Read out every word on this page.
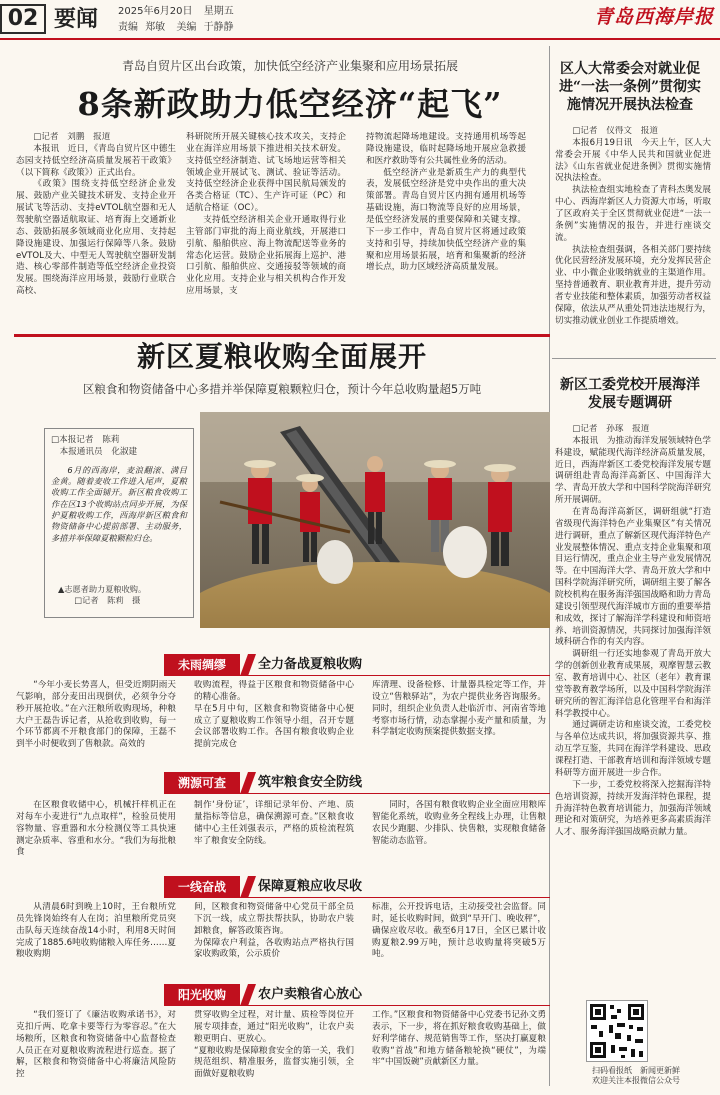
02 要闻 2025年6月20日 星期五
责编 郑敏 美编 于静静	青岛西海岸报
青岛自贸片区出台政策，加快低空经济产业集聚和应用场景拓展
8条新政助力低空经济“起飞”
□记者 刘鹏 报道

本报讯　近日，《青岛自贸片区中德生态园支持低空经济高质量发展若干政策》（以下简称《政策》）正式出台。

《政策》围绕支持低空经济企业发展、鼓励产业关键技术研发、支持企业开展试飞等活动、支持eVTOL航空器和无人驾驶航空器适航取证、培育海上交通新业态、鼓励拓展多领域商业化应用、支持起降设施建设、加强运行保障等八条。鼓励eVTOL及大、中型无人驾驶航空器研发制造、核心零部件制造等低空经济企业投资发展。围绕海洋应用场景，鼓励行业联合高校、

科研院所开展关键核心技术攻关，支持企业在海洋应用场景下推进相关技术研发。支持低空经济制造、试飞场地运营等相关领域企业开展试飞、测试、验证等活动。支持低空经济企业获得中国民航局颁发的各类合格证（TC）、生产许可证（PC）和适航合格证（OC）。

支持低空经济相关企业开通取得行业主管部门审批的海上商业航线，开展港口引航、船舶供应、海上物流配送等业务的常态化运营。鼓励企业拓展海上巡护、港口引航、船舶供应、交通接驳等领域的商业化应用。支持企业与相关机构合作开发应用场景，支

持物流起降场地建设。支持通用机场等起降设施建设，临时起降场地开展应急救援和医疗救助等有公共属性业务的活动。

低空经济产业是新质生产力的典型代表，发展低空经济是党中央作出的重大决策部署。青岛自贸片区内拥有通用机场等基础设施，海口物流等良好的应用场景，是低空经济发展的重要保障和关键支撑。下一步工作中，青岛自贸片区将通过政策支持和引导，持续加快低空经济产业的集聚和应用场景拓展，培育和集聚新的经济增长点，助力区域经济高质量发展。

区人大常委会对就业促进“一法一条例”贯彻实施情况开展执法检查
□记者 仪得文 报道

本报6月19日讯　今天上午，区人大常委会开展《中华人民共和国就业促进法》《山东省就业促进条例》贯彻实施情况执法检查。

执法检查组实地检查了青科杰奥发展中心、西海岸新区人力资源大市场，听取了区政府关于全区贯彻就业促进“一法一条例”实施情况的报告，并进行座谈交流。

执法检查组强调，各相关部门要持续优化民营经济发展环境，充分发挥民营企业、中小微企业吸纳就业的主渠道作用。坚持普通教育、职业教育并进，提升劳动者专业技能和整体素质，加强劳动者权益保障，依法从严从重处罚违法违规行为，切实推动就业创业工作提质增效。

新区工委党校开展海洋发展专题调研
□记者 孙琢 报道

本报讯　为推动海洋发展领域特色学科建设，赋能现代海洋经济高质量发展，近日，西海岸新区工委党校海洋发展专题调研组赴青岛海洋高新区、中国海洋大学、青岛开放大学和中国科学院海洋研究所开展调研。

在青岛海洋高新区，调研组就“打造省级现代海洋特色产业集聚区”有关情况进行调研，重点了解新区现代海洋特色产业发展整体情况、重点支持企业集聚和项目运行情况，重点企业主导产业发展情况等。在中国海洋大学、青岛开放大学和中国科学院海洋研究所，调研组主要了解各院校机构在服务海洋强国战略和助力青岛建设引领型现代海洋城市方面的重要举措和成效，探讨了解海洋学科建设和师资培养、培训资源情况，共同探讨加强海洋领域科研合作的有关内容。

调研组一行还实地参观了青岛开放大学的创新创业教育成果展，观摩智慧云教室、教育培训中心、社区（老年）教育课堂等教育教学场所，以及中国科学院海洋研究所的智汇海洋信息化管理平台和海洋科学教授中心。

通过调研走访和座谈交流，工委党校与各单位达成共识，将加强资源共享、推动互学互鉴，共同在海洋学科建设、思政课程打造、干部教育培训和海洋领域专题科研等方面开展进一步合作。

下一步，工委党校将深入挖掘海洋特色培训资源，持续开发海洋特色课程，提升海洋特色教育培训能力，加强海洋领域理论和对策研究，为培养更多高素质海洋人才、服务海洋强国战略贡献力量。

扫码看报纸　新闻更新鲜
欢迎关注本报微信公众号
新区夏粮收购全面展开
区粮食和物资储备中心多措并举保障夏粮颗粒归仓，预计今年总收购量超5万吨
□本报记者 陈莉
本报通讯员 化淑建

6月的西海岸，麦浪翻滚、满目金黄。随着麦收工作进入尾声，夏粮收购工作全面铺开。新区粮食收购工作在区13个收购站点同步开展，为保护夏粮收购工作，西海岸新区粮食和物资储备中心提前部署、主动服务，多措并举保障夏粮颗粒归仓。

▲志愿者助力夏粮收购。
□记者 陈莉 摄
未雨绸缪	全力备战夏粮收购

“今年小麦长势喜人，但受近期阴雨天气影响，部分麦田出现倒伏，必须争分夺秒开展抢收。”在六汪粮所收购现场，种粮大户王磊告诉记者，从抢收到收购，每一个环节都离不开粮食部门的保障，王磊不到半小时便收到了售粮款。高效的

收购流程，得益于区粮食和物资储备中心的精心准备。
早在5月中旬，区粮食和物资储备中心便成立了夏粮收购工作领导小组，召开专题会议部署收购工作。各国有粮食收购企业提前完成仓

库清理、设备检修、计量器具检定等工作，并设立“售粮驿站”，为农户提供业务咨询服务。同时，组织企业负责人赴临沂市、河南省等地考察市场行情，动态掌握小麦产量和质量，为科学制定收购预案提供数据支撑。

溯源可查	筑牢粮食安全防线

在区粮食收储中心，机械扦样机正在对每车小麦进行“九点取样”，检验员使用容物量、容重器和水分检测仪等工具快速测定杂质率、容重和水分。“我们为每批粮食

制作‘身份证’，详细记录年份、产地、质量指标等信息，确保溯源可查。”区粮食收储中心主任刘强表示，严格的质检流程筑牢了粮食安全防线。

同时，各国有粮食收购企业全面应用粮库智能化系统，收购业务全程线上办理，让售粮农民少跑腿、少排队、快售粮，实现粮食储备智能动态监管。

一线奋战	保障夏粮应收尽收

从清晨6时到晚上10时，王台粮所党员先锋岗始终有人在岗；泊里粮所党员突击队每天连续奋战14小时，利用8天时间完成了1885.6吨收购储粮入库任务……夏粮收购期

间，区粮食和物资储备中心党员干部全员下沉一线，成立帮扶帮扶队，协助农户装卸粮食，解答政策咨询。
为保障农户利益，各收购站点严格执行国家收购政策，公示质价

标准，公开投诉电话，主动接受社会监督。同时，延长收购时间，做到“早开门、晚收秤”，确保应收尽收。截至6月17日，全区已累计收购夏粮2.99万吨，预计总收购量将突破5万吨。

阳光收购	农户卖粮省心放心

“我们签订了《廉洁收购承诺书》，对克扣斤两、吃拿卡要等行为零容忍。”在大场粮所，区粮食和物资储备中心监督检查人员正在对夏粮收购流程进行巡查。据了解，区粮食和物资储备中心将廉洁风险防控

贯穿收购全过程，对计量、质检等岗位开展专项排查，通过“阳光收购”，让农户卖粮更明白、更放心。
“夏粮收购是保障粮食安全的第一关，我们规范组织、精准服务，监督实施引领，全面做好夏粮收购

工作。”区粮食和物资储备中心党委书记孙文勇表示，下一步，将在抓好粮食收购基础上，做好利学储存、规范销售等工作，坚决打赢夏粮收购“首战”和地方储备粮轮换“硬仗”，为端牢“中国饭碗”贡献新区力量。
